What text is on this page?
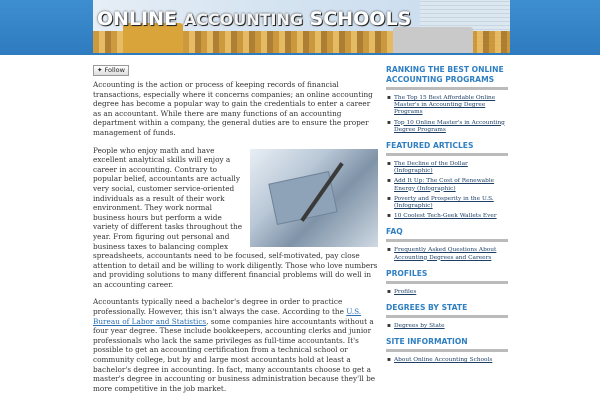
ONLINE ACCOUNTING SCHOOLS
✦ Follow

Accounting is the action or process of keeping records of financial transactions, especially where it concerns companies; an online accounting degree has become a popular way to gain the credentials to enter a career as an accountant. While there are many functions of an accounting department within a company, the general duties are to ensure the proper management of funds.

People who enjoy math and have excellent analytical skills will enjoy a career in accounting. Contrary to popular belief, accountants are actually very social, customer service-oriented individuals as a result of their work environment. They work normal business hours but perform a wide variety of different tasks throughout the year. From figuring out personal and business taxes to balancing complex spreadsheets, accountants need to be focused, self-motivated, pay close attention to detail and be willing to work diligently. Those who love numbers and providing solutions to many different financial problems will do well in an accounting career.

Accountants typically need a bachelor's degree in order to practice professionally. However, this isn't always the case. According to the U.S. Bureau of Labor and Statistics, some companies hire accountants without a four year degree. These include bookkeepers, accounting clerks and junior professionals who lack the same privileges as full-time accountants. It's possible to get an accounting certification from a technical school or community college, but by and large most accountants hold at least a bachelor's degree in accounting. In fact, many accountants choose to get a master's degree in accounting or business administration because they'll be more competitive in the job market.

RANKING THE BEST ONLINE ACCOUNTING PROGRAMS
▪ The Top 15 Best Affordable Online Master's in Accounting Degree Programs
▪ Top 10 Online Master's in Accounting Degree Programs
FEATURED ARTICLES
▪ The Decline of the Dollar (Infographic)
▪ Add It Up: The Cost of Renewable Energy (Infographic)
▪ Poverty and Prosperity in the U.S. (Infographic)
▪ 10 Coolest Tech-Geek Wallets Ever
FAQ
▪ Frequently Asked Questions About Accounting Degrees and Careers
PROFILES
▪ Profiles
DEGREES BY STATE
▪ Degrees by State
SITE INFORMATION
▪ About Online Accounting Schools
